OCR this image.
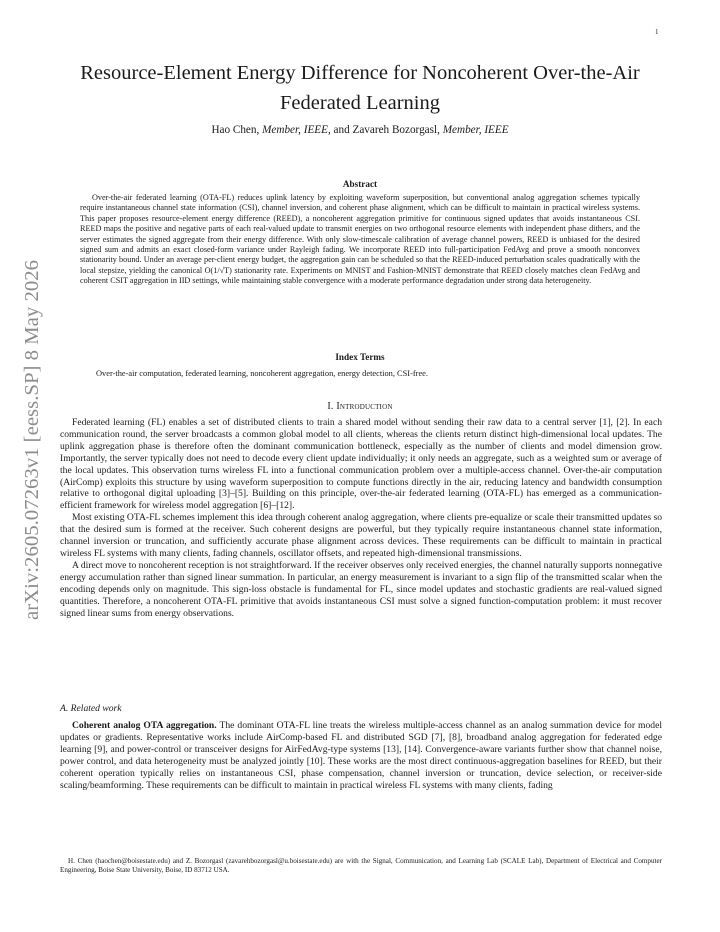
1
arXiv:2605.07263v1 [eess.SP] 8 May 2026
Resource-Element Energy Difference for Noncoherent Over-the-Air Federated Learning
Hao Chen, Member, IEEE, and Zavareh Bozorgasl, Member, IEEE
Abstract
Over-the-air federated learning (OTA-FL) reduces uplink latency by exploiting waveform superposition, but conventional analog aggregation schemes typically require instantaneous channel state information (CSI), channel inversion, and coherent phase alignment, which can be difficult to maintain in practical wireless systems. This paper proposes resource-element energy difference (REED), a noncoherent aggregation primitive for continuous signed updates that avoids instantaneous CSI. REED maps the positive and negative parts of each real-valued update to transmit energies on two orthogonal resource elements with independent phase dithers, and the server estimates the signed aggregate from their energy difference. With only slow-timescale calibration of average channel powers, REED is unbiased for the desired signed sum and admits an exact closed-form variance under Rayleigh fading. We incorporate REED into full-participation FedAvg and prove a smooth nonconvex stationarity bound. Under an average per-client energy budget, the aggregation gain can be scheduled so that the REED-induced perturbation scales quadratically with the local stepsize, yielding the canonical O(1/√T) stationarity rate. Experiments on MNIST and Fashion-MNIST demonstrate that REED closely matches clean FedAvg and coherent CSIT aggregation in IID settings, while maintaining stable convergence with a moderate performance degradation under strong data heterogeneity.
Index Terms
Over-the-air computation, federated learning, noncoherent aggregation, energy detection, CSI-free.
I. Introduction

Federated learning (FL) enables a set of distributed clients to train a shared model without sending their raw data to a central server [1], [2]. In each communication round, the server broadcasts a common global model to all clients, whereas the clients return distinct high-dimensional local updates. The uplink aggregation phase is therefore often the dominant communication bottleneck, especially as the number of clients and model dimension grow. Importantly, the server typically does not need to decode every client update individually; it only needs an aggregate, such as a weighted sum or average of the local updates. This observation turns wireless FL into a functional communication problem over a multiple-access channel. Over-the-air computation (AirComp) exploits this structure by using waveform superposition to compute functions directly in the air, reducing latency and bandwidth consumption relative to orthogonal digital uploading [3]–[5]. Building on this principle, over-the-air federated learning (OTA-FL) has emerged as a communication-efficient framework for wireless model aggregation [6]–[12].

Most existing OTA-FL schemes implement this idea through coherent analog aggregation, where clients pre-equalize or scale their transmitted updates so that the desired sum is formed at the receiver. Such coherent designs are powerful, but they typically require instantaneous channel state information, channel inversion or truncation, and sufficiently accurate phase alignment across devices. These requirements can be difficult to maintain in practical wireless FL systems with many clients, fading channels, oscillator offsets, and repeated high-dimensional transmissions.

A direct move to noncoherent reception is not straightforward. If the receiver observes only received energies, the channel naturally supports nonnegative energy accumulation rather than signed linear summation. In particular, an energy measurement is invariant to a sign flip of the transmitted scalar when the encoding depends only on magnitude. This sign-loss obstacle is fundamental for FL, since model updates and stochastic gradients are real-valued signed quantities. Therefore, a noncoherent OTA-FL primitive that avoids instantaneous CSI must solve a signed function-computation problem: it must recover signed linear sums from energy observations.

A. Related work

Coherent analog OTA aggregation. The dominant OTA-FL line treats the wireless multiple-access channel as an analog summation device for model updates or gradients. Representative works include AirComp-based FL and distributed SGD [7], [8], broadband analog aggregation for federated edge learning [9], and power-control or transceiver designs for AirFedAvg-type systems [13], [14]. Convergence-aware variants further show that channel noise, power control, and data heterogeneity must be analyzed jointly [10]. These works are the most direct continuous-aggregation baselines for REED, but their coherent operation typically relies on instantaneous CSI, phase compensation, channel inversion or truncation, device selection, or receiver-side scaling/beamforming. These requirements can be difficult to maintain in practical wireless FL systems with many clients, fading

H. Chen (haochen@boisestate.edu) and Z. Bozorgasl (zavarehbozorgasl@u.boisestate.edu) are with the Signal, Communication, and Learning Lab (SCALE Lab), Department of Electrical and Computer Engineering, Boise State University, Boise, ID 83712 USA.
